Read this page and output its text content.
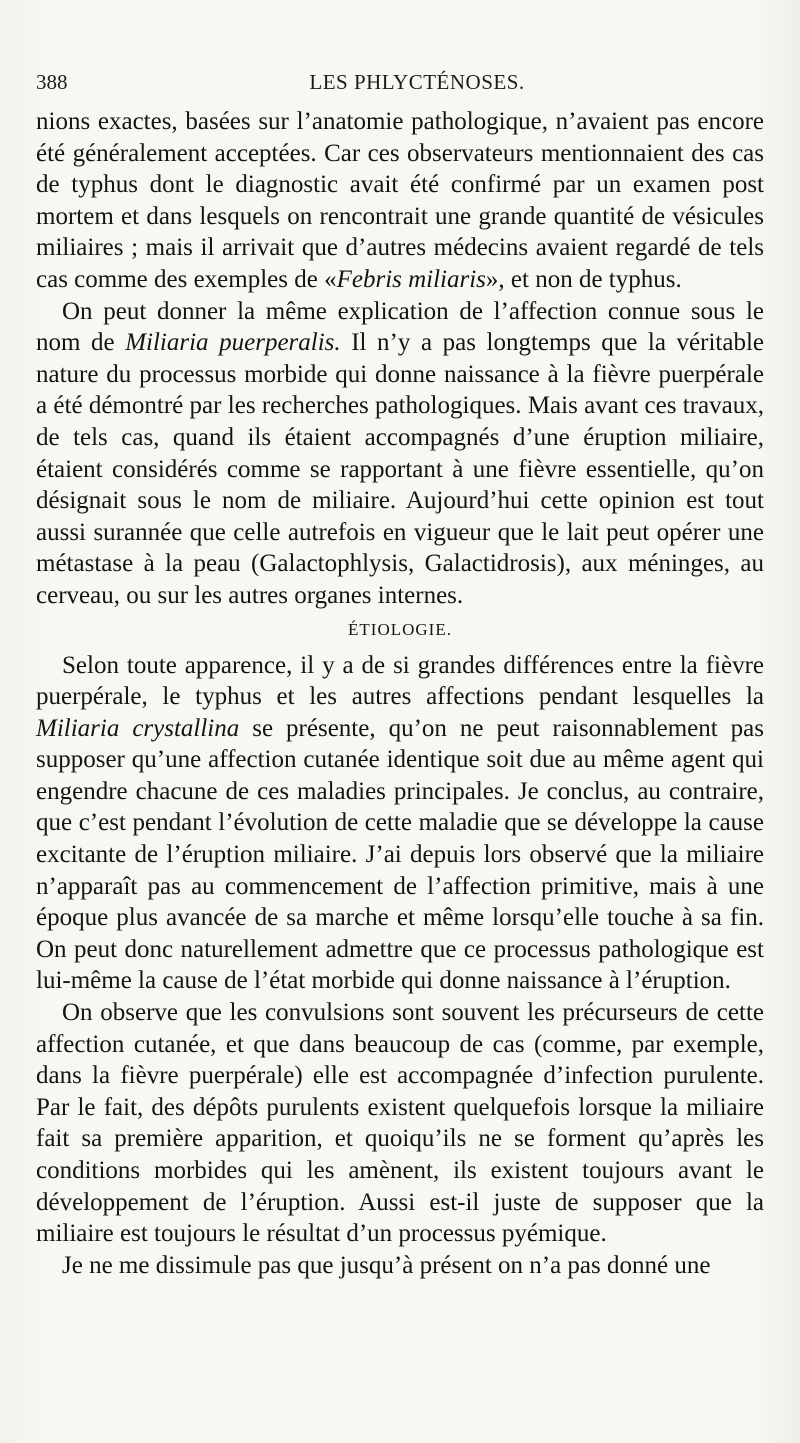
388	LES PHLYCTÉNOSES.

nions exactes, basées sur l’anatomie pathologique, n’avaient pas encore été généralement acceptées. Car ces observateurs mentionnaient des cas de typhus dont le diagnostic avait été confirmé par un examen post mortem et dans lesquels on rencontrait une grande quantité de vésicules miliaires ; mais il arrivait que d’autres médecins avaient regardé de tels cas comme des exemples de «Febris miliaris», et non de typhus.

On peut donner la même explication de l’affection connue sous le nom de Miliaria puerperalis. Il n’y a pas longtemps que la véritable nature du processus morbide qui donne naissance à la fièvre puerpérale a été démontré par les recherches pathologiques. Mais avant ces travaux, de tels cas, quand ils étaient accompagnés d’une éruption miliaire, étaient considérés comme se rapportant à une fièvre essentielle, qu’on désignait sous le nom de miliaire. Aujourd’hui cette opinion est tout aussi surannée que celle autrefois en vigueur que le lait peut opérer une métastase à la peau (Galactophlysis, Galactidrosis), aux méninges, au cerveau, ou sur les autres organes internes.

ÉTIOLOGIE.

Selon toute apparence, il y a de si grandes différences entre la fièvre puerpérale, le typhus et les autres affections pendant lesquelles la Miliaria crystallina se présente, qu’on ne peut raisonnablement pas supposer qu’une affection cutanée identique soit due au même agent qui engendre chacune de ces maladies principales. Je conclus, au contraire, que c’est pendant l’évolution de cette maladie que se développe la cause excitante de l’éruption miliaire. J’ai depuis lors observé que la miliaire n’apparaît pas au commencement de l’affection primitive, mais à une époque plus avancée de sa marche et même lorsqu’elle touche à sa fin. On peut donc naturellement admettre que ce processus pathologique est lui-même la cause de l’état morbide qui donne naissance à l’éruption.

On observe que les convulsions sont souvent les précurseurs de cette affection cutanée, et que dans beaucoup de cas (comme, par exemple, dans la fièvre puerpérale) elle est accompagnée d’infection purulente. Par le fait, des dépôts purulents existent quelquefois lorsque la miliaire fait sa première apparition, et quoiqu’ils ne se forment qu’après les conditions morbides qui les amènent, ils existent toujours avant le développement de l’éruption. Aussi est-il juste de supposer que la miliaire est toujours le résultat d’un processus pyémique.

Je ne me dissimule pas que jusqu’à présent on n’a pas donné une
